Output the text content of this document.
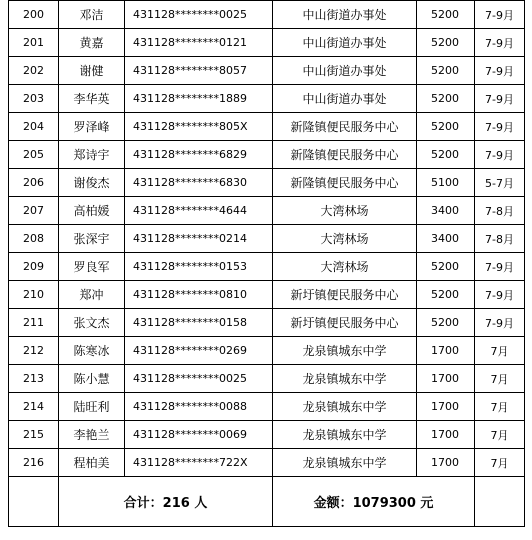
200	邓洁	431128********0025	中山街道办事处	5200	7-9月
201	黄嘉	431128********0121	中山街道办事处	5200	7-9月
202	谢健	431128********8057	中山街道办事处	5200	7-9月
203	李华英	431128********1889	中山街道办事处	5200	7-9月
204	罗泽峰	431128********805X	新隆镇便民服务中心	5200	7-9月
205	郑诗宇	431128********6829	新隆镇便民服务中心	5200	7-9月
206	谢俊杰	431128********6830	新隆镇便民服务中心	5100	5-7月
207	高柏媛	431128********4644	大湾林场	3400	7-8月
208	张深宇	431128********0214	大湾林场	3400	7-8月
209	罗良军	431128********0153	大湾林场	5200	7-9月
210	郑冲	431128********0810	新圩镇便民服务中心	5200	7-9月
211	张文杰	431128********0158	新圩镇便民服务中心	5200	7-9月
212	陈寒冰	431128********0269	龙泉镇城东中学	1700	7月
213	陈小慧	431128********0025	龙泉镇城东中学	1700	7月
214	陆旺利	431128********0088	龙泉镇城东中学	1700	7月
215	李艳兰	431128********0069	龙泉镇城东中学	1700	7月
216	程柏美	431128********722X	龙泉镇城东中学	1700	7月
	合计：216 人		金额：1079300 元		
